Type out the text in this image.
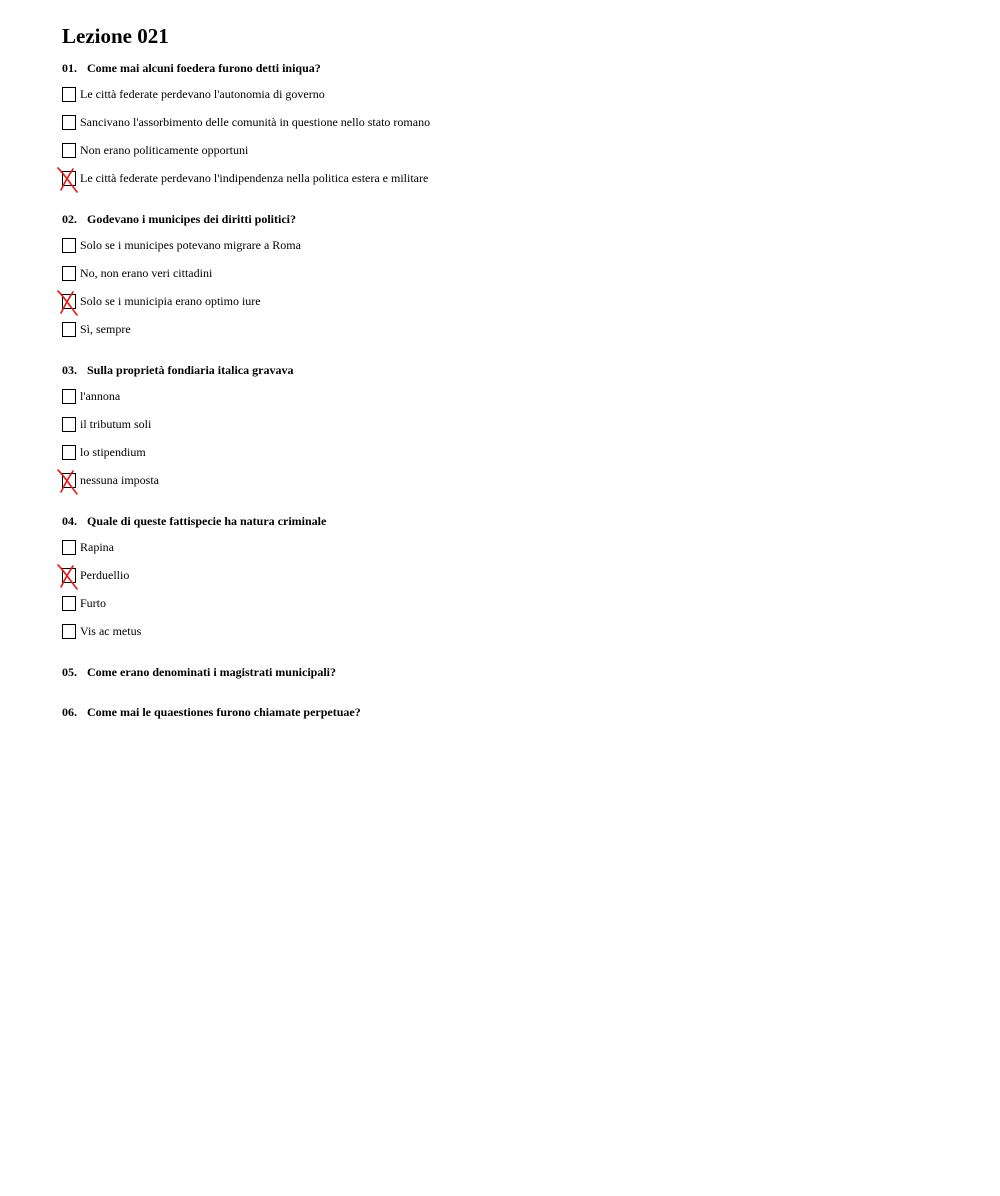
Lezione 021
01. Come mai alcuni foedera furono detti iniqua?
Le città federate perdevano l'autonomia di governo
Sancivano l'assorbimento delle comunità in questione nello stato romano
Non erano politicamente opportuni
Le città federate perdevano l'indipendenza nella politica estera e militare
02. Godevano i municipes dei diritti politici?
Solo se i municipes potevano migrare a Roma
No, non erano veri cittadini
Solo se i municipia erano optimo iure
Sì, sempre
03. Sulla proprietà fondiaria italica gravava
l'annona
il tributum soli
lo stipendium
nessuna imposta
04. Quale di queste fattispecie ha natura criminale
Rapina
Perduellio
Furto
Vis ac metus
05. Come erano denominati i magistrati municipali?
06. Come mai le quaestiones furono chiamate perpetuae?
